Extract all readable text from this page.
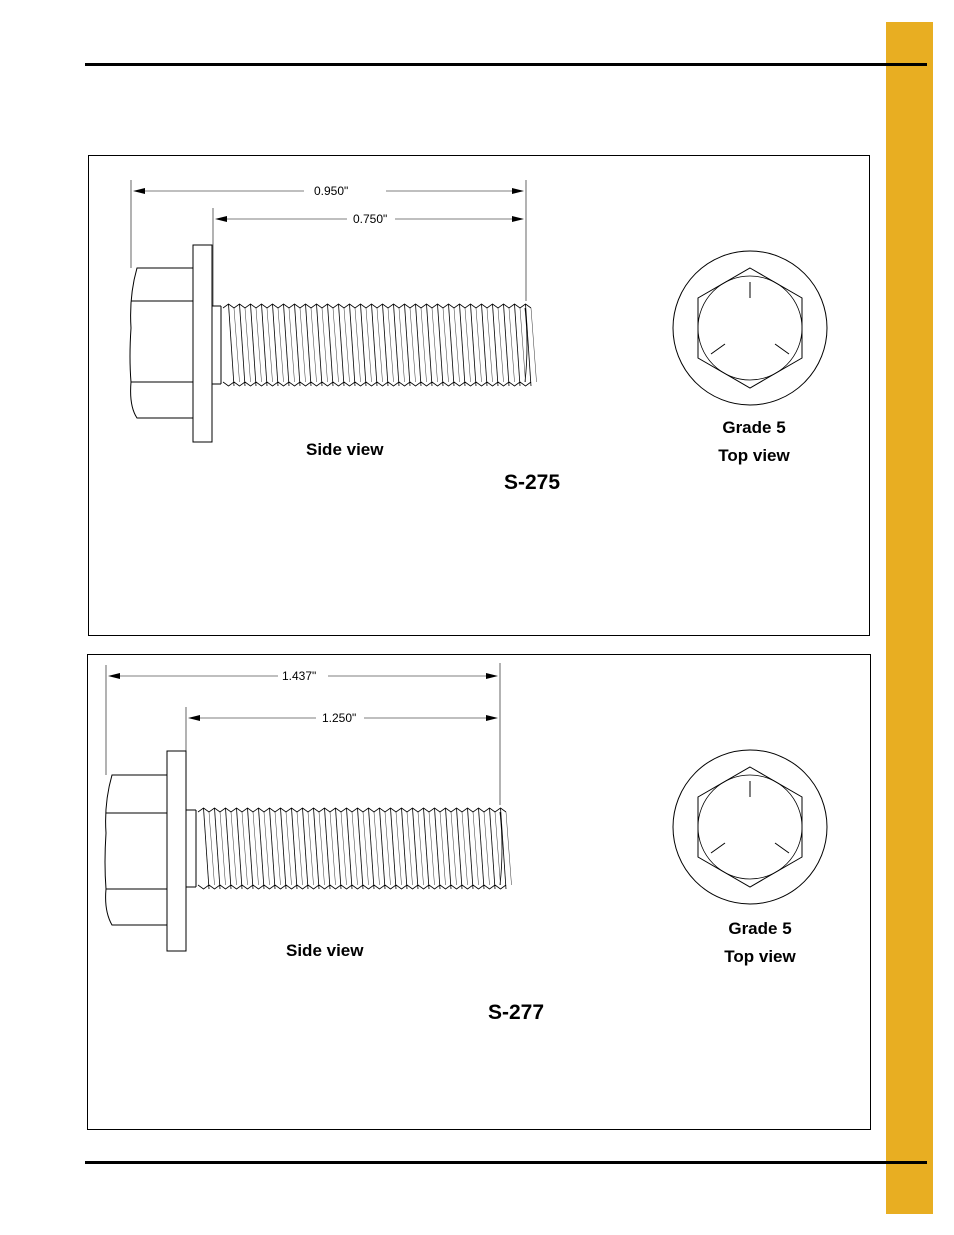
0.950"
0.750"
Side view
S-275
Grade 5
Top view
1.437"
1.250"
Side view
S-277
Grade 5
Top view
